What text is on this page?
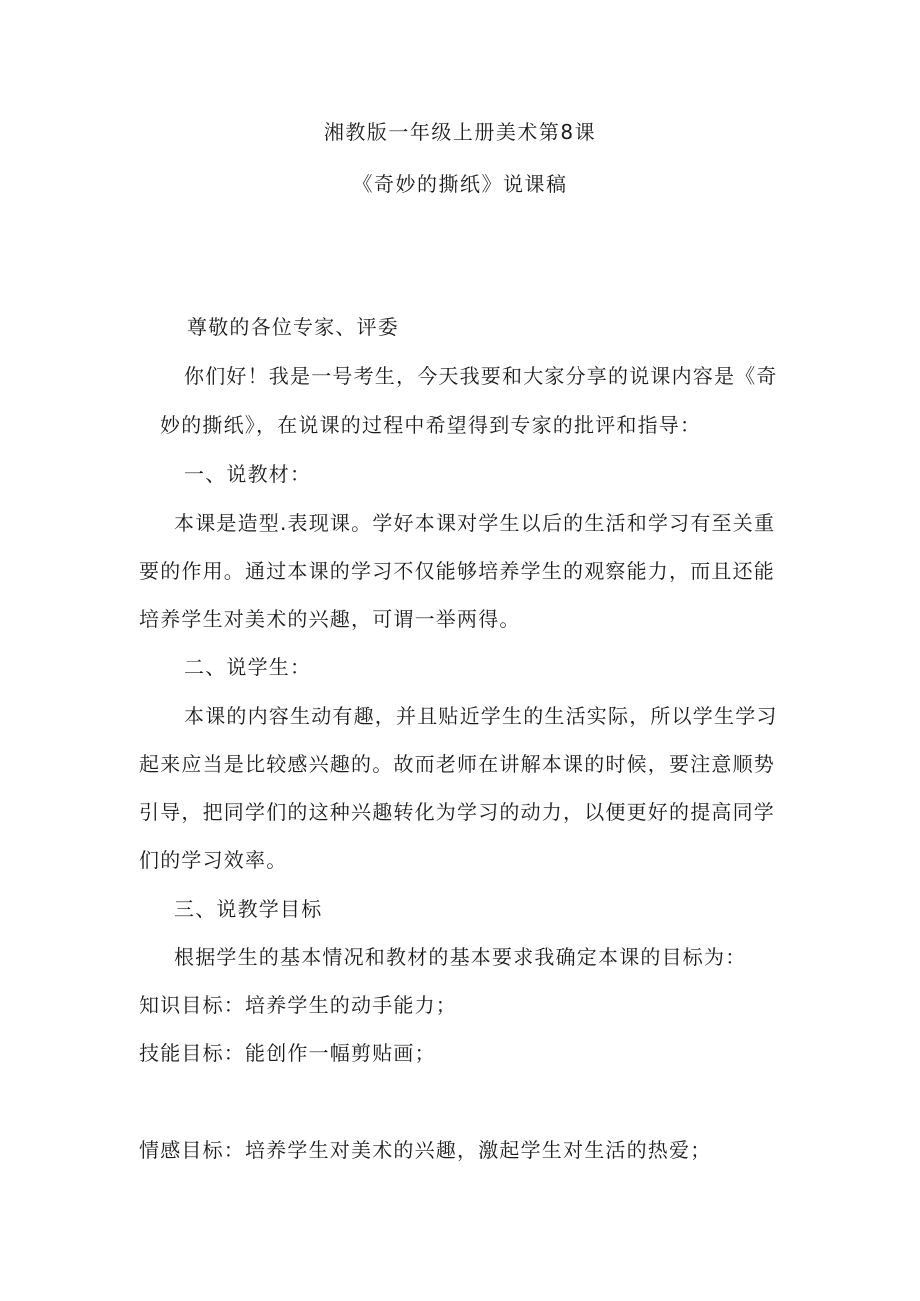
湘教版一年级上册美术第8课
《奇妙的撕纸》说课稿
尊敬的各位专家、评委
你们好！我是一号考生，今天我要和大家分享的说课内容是《奇
妙的撕纸》，在说课的过程中希望得到专家的批评和指导：
一、说教材：
本课是造型.表现课。学好本课对学生以后的生活和学习有至关重
要的作用。通过本课的学习不仅能够培养学生的观察能力，而且还能
培养学生对美术的兴趣，可谓一举两得。
二、说学生：
本课的内容生动有趣，并且贴近学生的生活实际，所以学生学习
起来应当是比较感兴趣的。故而老师在讲解本课的时候，要注意顺势
引导，把同学们的这种兴趣转化为学习的动力，以便更好的提高同学
们的学习效率。
三、说教学目标
根据学生的基本情况和教材的基本要求我确定本课的目标为：
知识目标：培养学生的动手能力；
技能目标：能创作一幅剪贴画；
情感目标：培养学生对美术的兴趣，激起学生对生活的热爱；
